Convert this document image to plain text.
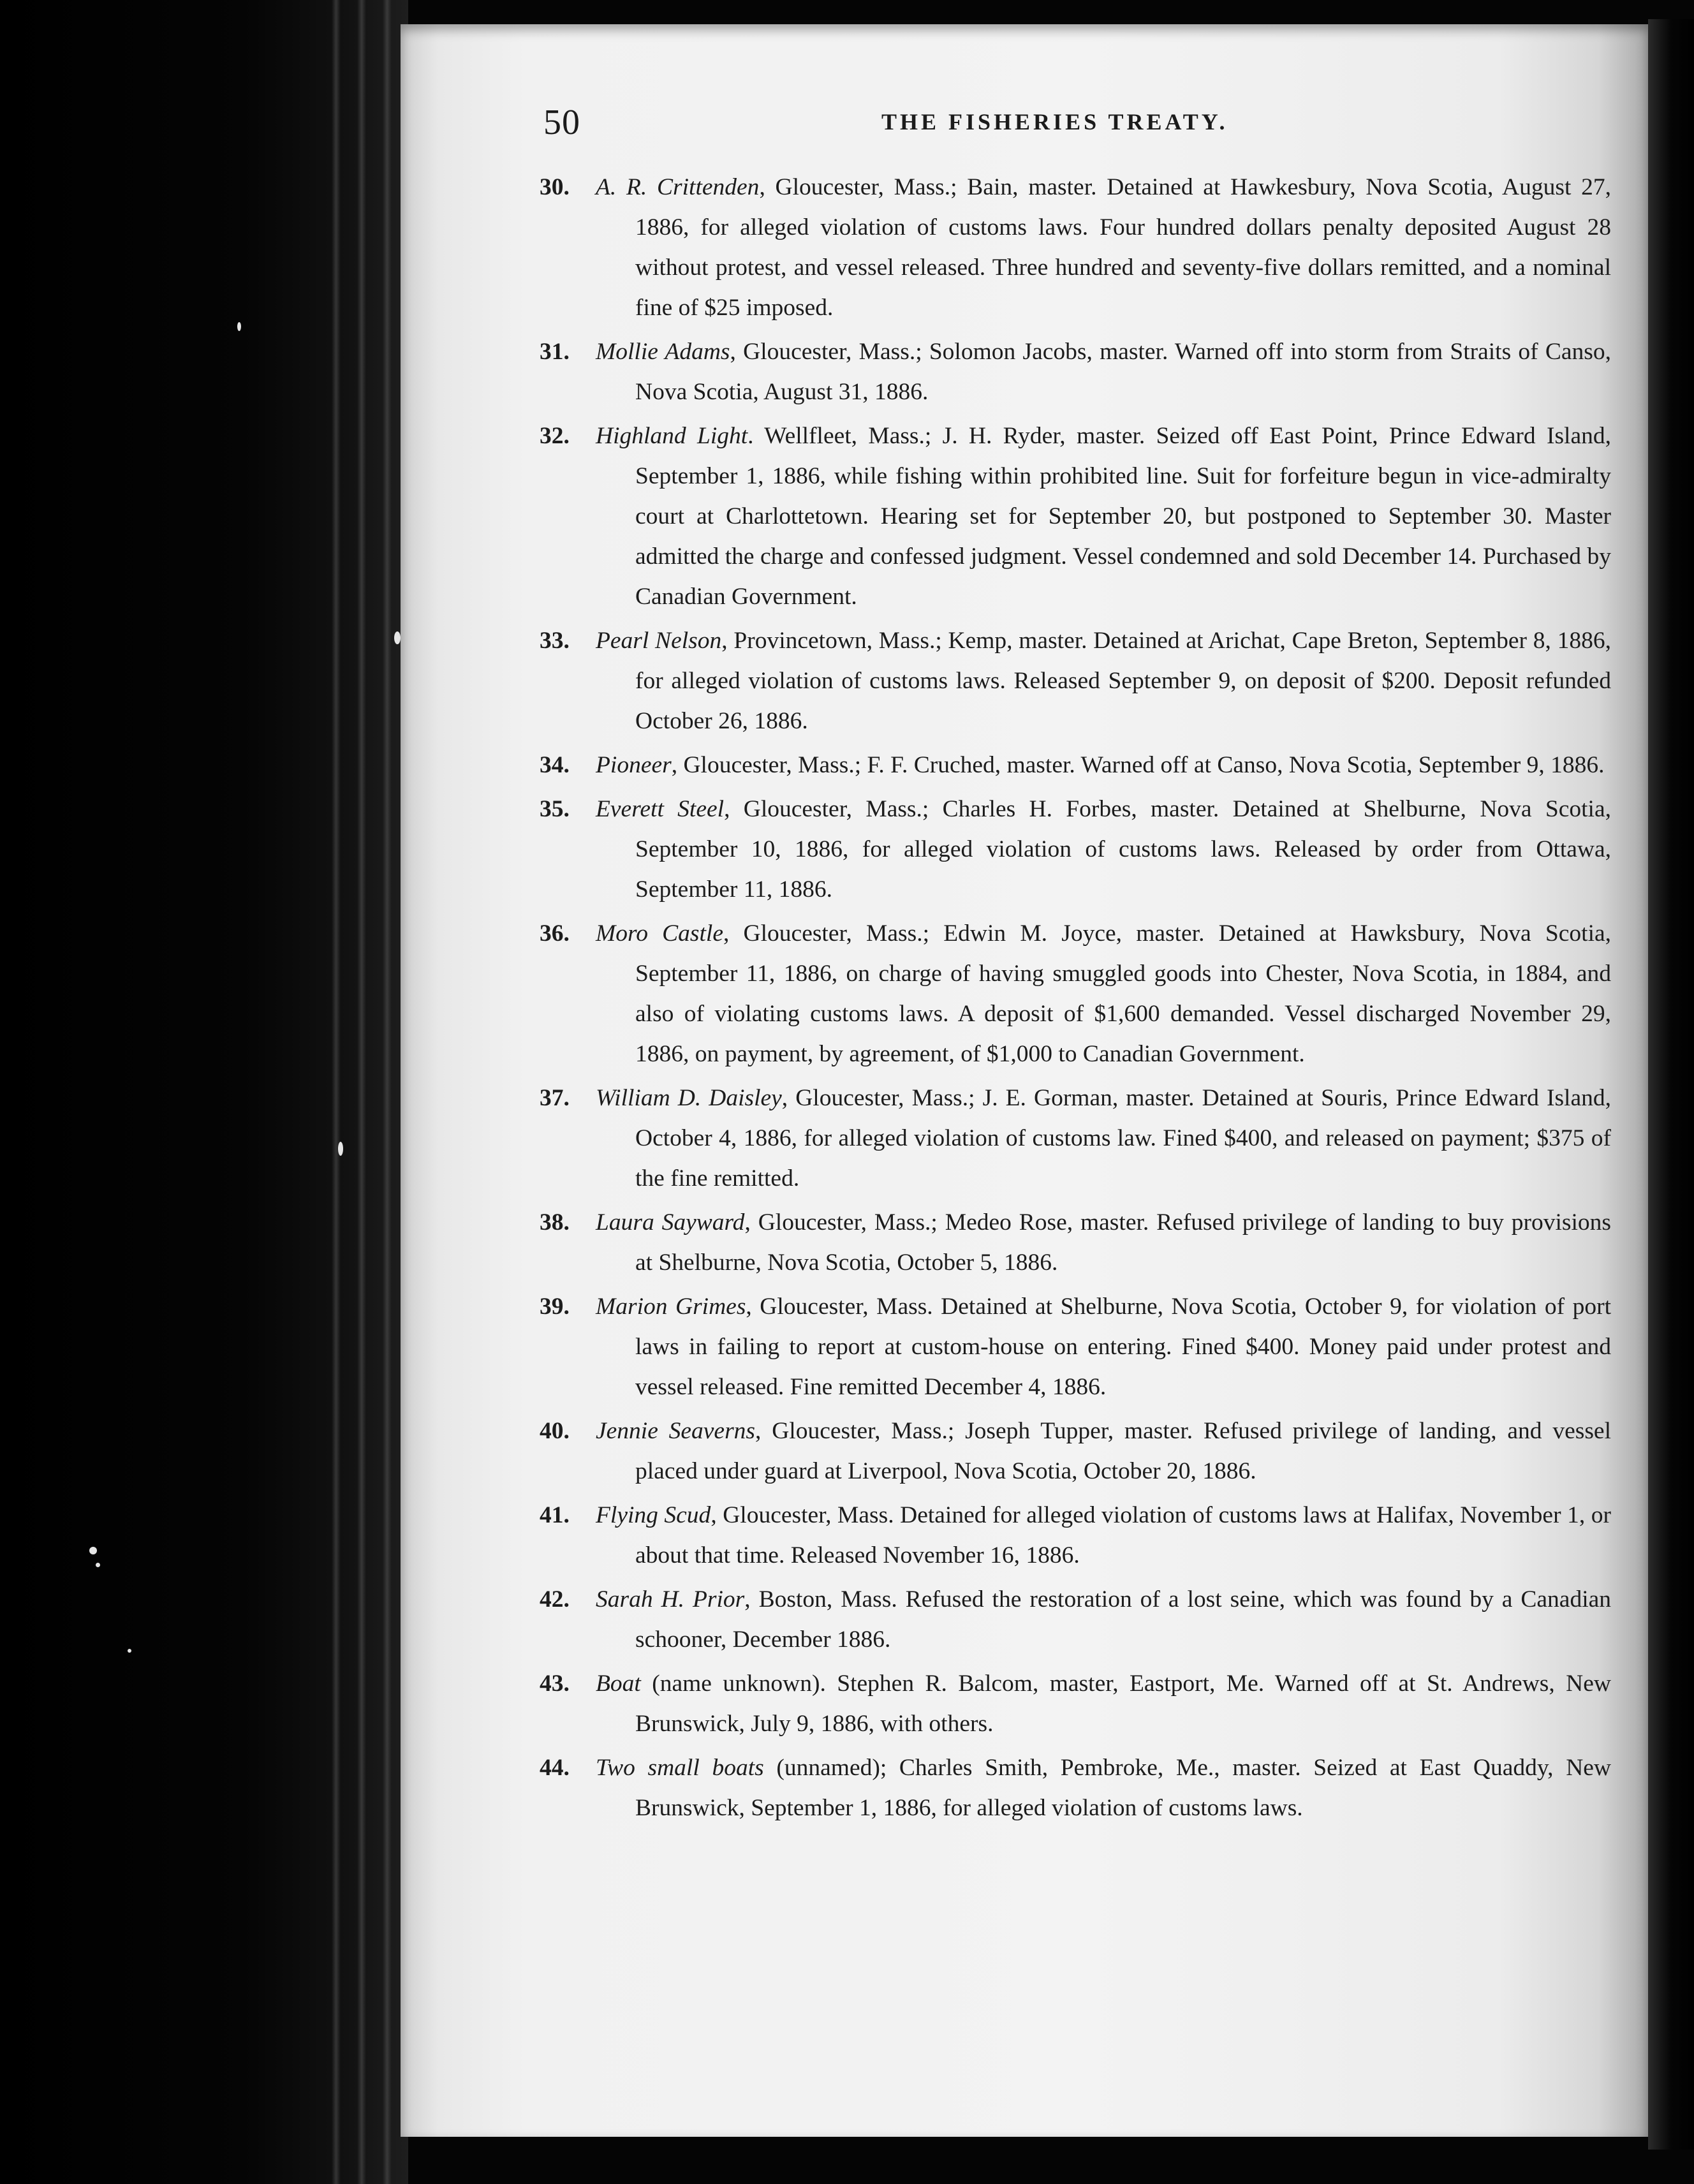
50	THE FISHERIES TREATY.

30. A. R. Crittenden, Gloucester, Mass.; Bain, master. Detained at Hawkesbury, Nova Scotia, August 27, 1886, for alleged violation of customs laws. Four hundred dollars penalty deposited August 28 without protest, and vessel released. Three hundred and seventy-five dollars remitted, and a nominal fine of $25 imposed.

31. Mollie Adams, Gloucester, Mass.; Solomon Jacobs, master. Warned off into storm from Straits of Canso, Nova Scotia, August 31, 1886.

32. Highland Light. Wellfleet, Mass.; J. H. Ryder, master. Seized off East Point, Prince Edward Island, September 1, 1886, while fishing within prohibited line. Suit for forfeiture begun in vice-admiralty court at Charlottetown. Hearing set for September 20, but postponed to September 30. Master admitted the charge and confessed judgment. Vessel condemned and sold December 14. Purchased by Canadian Government.

33. Pearl Nelson, Provincetown, Mass.; Kemp, master. Detained at Arichat, Cape Breton, September 8, 1886, for alleged violation of customs laws. Released September 9, on deposit of $200. Deposit refunded October 26, 1886.

34. Pioneer, Gloucester, Mass.; F. F. Cruched, master. Warned off at Canso, Nova Scotia, September 9, 1886.

35. Everett Steel, Gloucester, Mass.; Charles H. Forbes, master. Detained at Shelburne, Nova Scotia, September 10, 1886, for alleged violation of customs laws. Released by order from Ottawa, September 11, 1886.

36. Moro Castle, Gloucester, Mass.; Edwin M. Joyce, master. Detained at Hawksbury, Nova Scotia, September 11, 1886, on charge of having smuggled goods into Chester, Nova Scotia, in 1884, and also of violating customs laws. A deposit of $1,600 demanded. Vessel discharged November 29, 1886, on payment, by agreement, of $1,000 to Canadian Government.

37. William D. Daisley, Gloucester, Mass.; J. E. Gorman, master. Detained at Souris, Prince Edward Island, October 4, 1886, for alleged violation of customs law. Fined $400, and released on payment; $375 of the fine remitted.

38. Laura Sayward, Gloucester, Mass.; Medeo Rose, master. Refused privilege of landing to buy provisions at Shelburne, Nova Scotia, October 5, 1886.

39. Marion Grimes, Gloucester, Mass. Detained at Shelburne, Nova Scotia, October 9, for violation of port laws in failing to report at custom-house on entering. Fined $400. Money paid under protest and vessel released. Fine remitted December 4, 1886.

40. Jennie Seaverns, Gloucester, Mass.; Joseph Tupper, master. Refused privilege of landing, and vessel placed under guard at Liverpool, Nova Scotia, October 20, 1886.

41. Flying Scud, Gloucester, Mass. Detained for alleged violation of customs laws at Halifax, November 1, or about that time. Released November 16, 1886.

42. Sarah H. Prior, Boston, Mass. Refused the restoration of a lost seine, which was found by a Canadian schooner, December 1886.

43. Boat (name unknown). Stephen R. Balcom, master, Eastport, Me. Warned off at St. Andrews, New Brunswick, July 9, 1886, with others.

44. Two small boats (unnamed); Charles Smith, Pembroke, Me., master. Seized at East Quaddy, New Brunswick, September 1, 1886, for alleged violation of customs laws.
